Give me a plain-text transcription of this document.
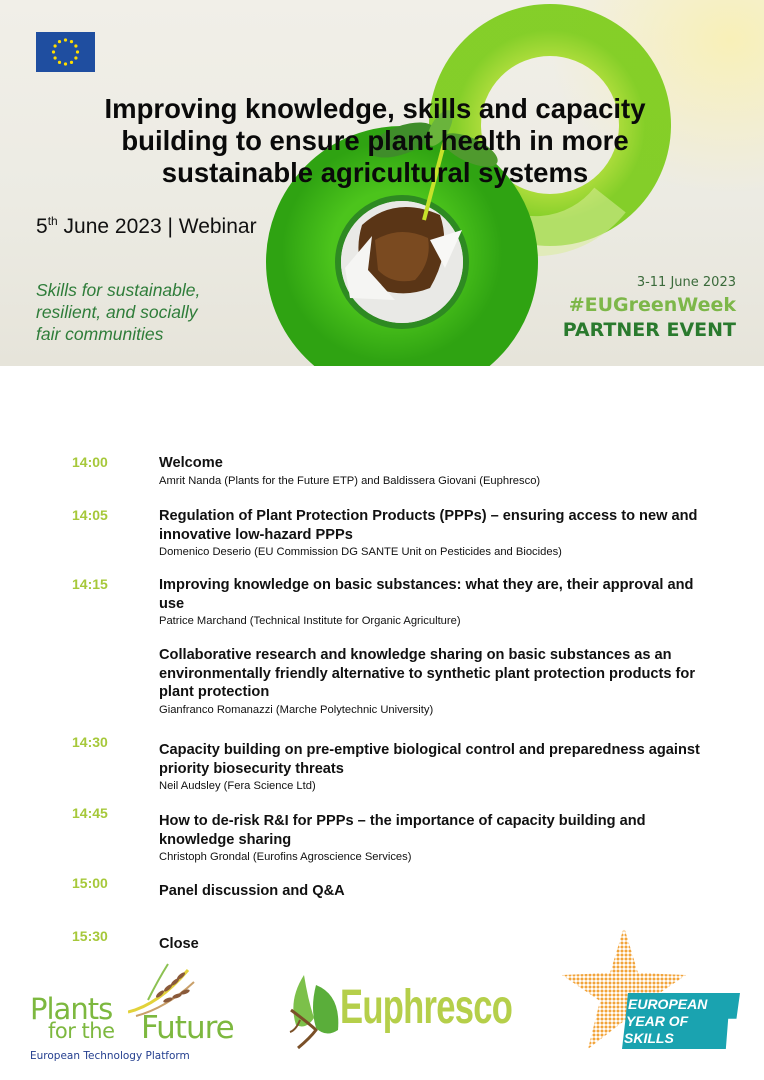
Improving knowledge, skills and capacity
building to ensure plant health in more
sustainable agricultural systems
5th June 2023 | Webinar
Skills for sustainable,
resilient, and socially
fair communities
3-11 June 2023
#EUGreenWeek
PARTNER EVENT
14:00	Welcome
Amrit Nanda (Plants for the Future ETP) and Baldissera Giovani (Euphresco)
14:05	Regulation of Plant Protection Products (PPPs) – ensuring access to new and innovative low-hazard PPPs
Domenico Deserio (EU Commission DG SANTE Unit on Pesticides and Biocides)
14:15	Improving knowledge on basic substances: what they are, their approval and use
Patrice Marchand (Technical Institute for Organic Agriculture)
Collaborative research and knowledge sharing on basic substances as an environmentally friendly alternative to synthetic plant protection products for plant protection
Gianfranco Romanazzi (Marche Polytechnic University)
14:30	Capacity building on pre-emptive biological control and preparedness against priority biosecurity threats
Neil Audsley (Fera Science Ltd)
14:45	How to de-risk R&I for PPPs – the importance of capacity building and knowledge sharing
Christoph Grondal (Eurofins Agroscience Services)
15:00	Panel discussion and Q&A
15:30	Close
Plants
for the Future
European Technology Platform
Euphresco	EUROPEAN
YEAR OF
SKILLS
